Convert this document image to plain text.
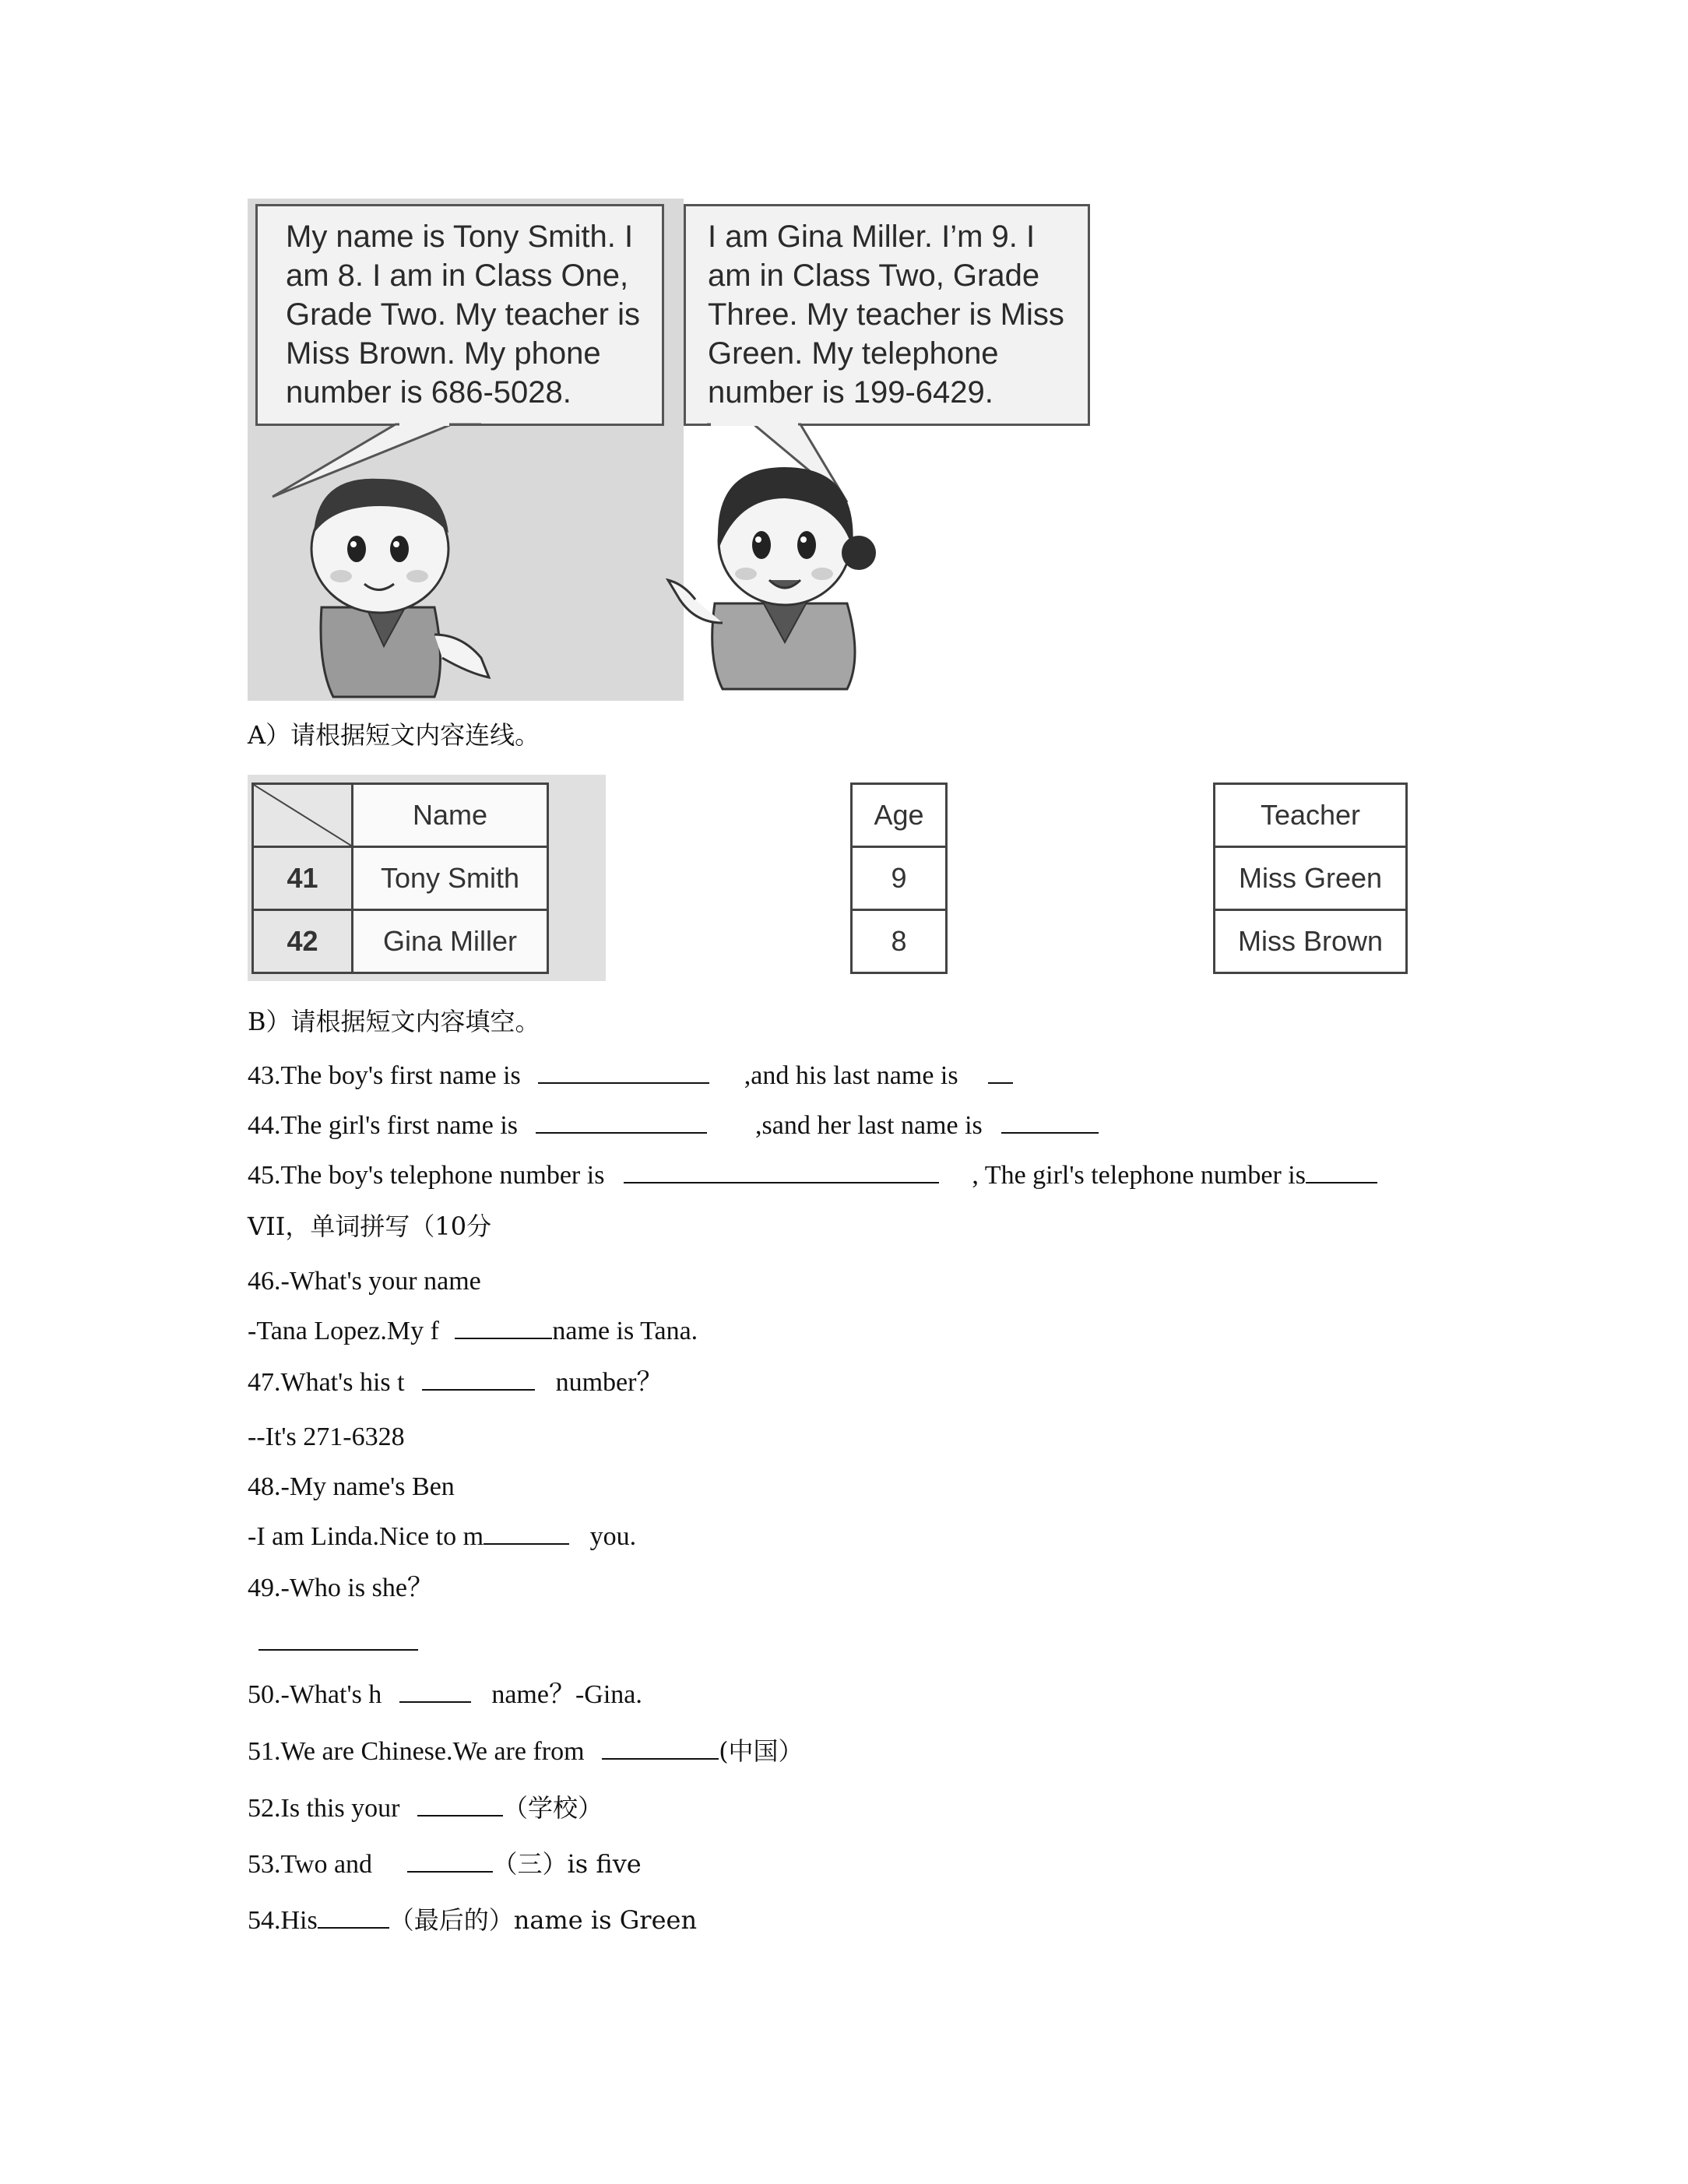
My name is Tony Smith. I

am 8. I am in Class One,

Grade Two. My teacher is

Miss Brown. My phone

number is 686-5028.

I am Gina Miller. I’m 9. I

am in Class Two, Grade

Three. My teacher is Miss

Green. My telephone

number is 199-6429.

A）请根据短文内容连线。
	Name
41	Tony Smith
42	Gina Miller
Age
9
8
Teacher
Miss Green
Miss Brown
B）请根据短文内容填空。
43.The boy's first name is	,and his last name is
44.The girl's first name is	,sand her last name is
45.The boy's telephone number is	, The girl's telephone number is
VII，单词拼写（10分
46.-What's your name
-Tana Lopez.My f	name is Tana.
47.What's his t	number？
--It's 271-6328
48.-My name's Ben
-I am Linda.Nice to m	you.
49.-Who is she？
50.-What's h	name？-Gina.
51.We are Chinese.We are from	(中国）
52.Is this your	（学校）
53.Two and	（三）is five
54.His	（最后的）name is Green
